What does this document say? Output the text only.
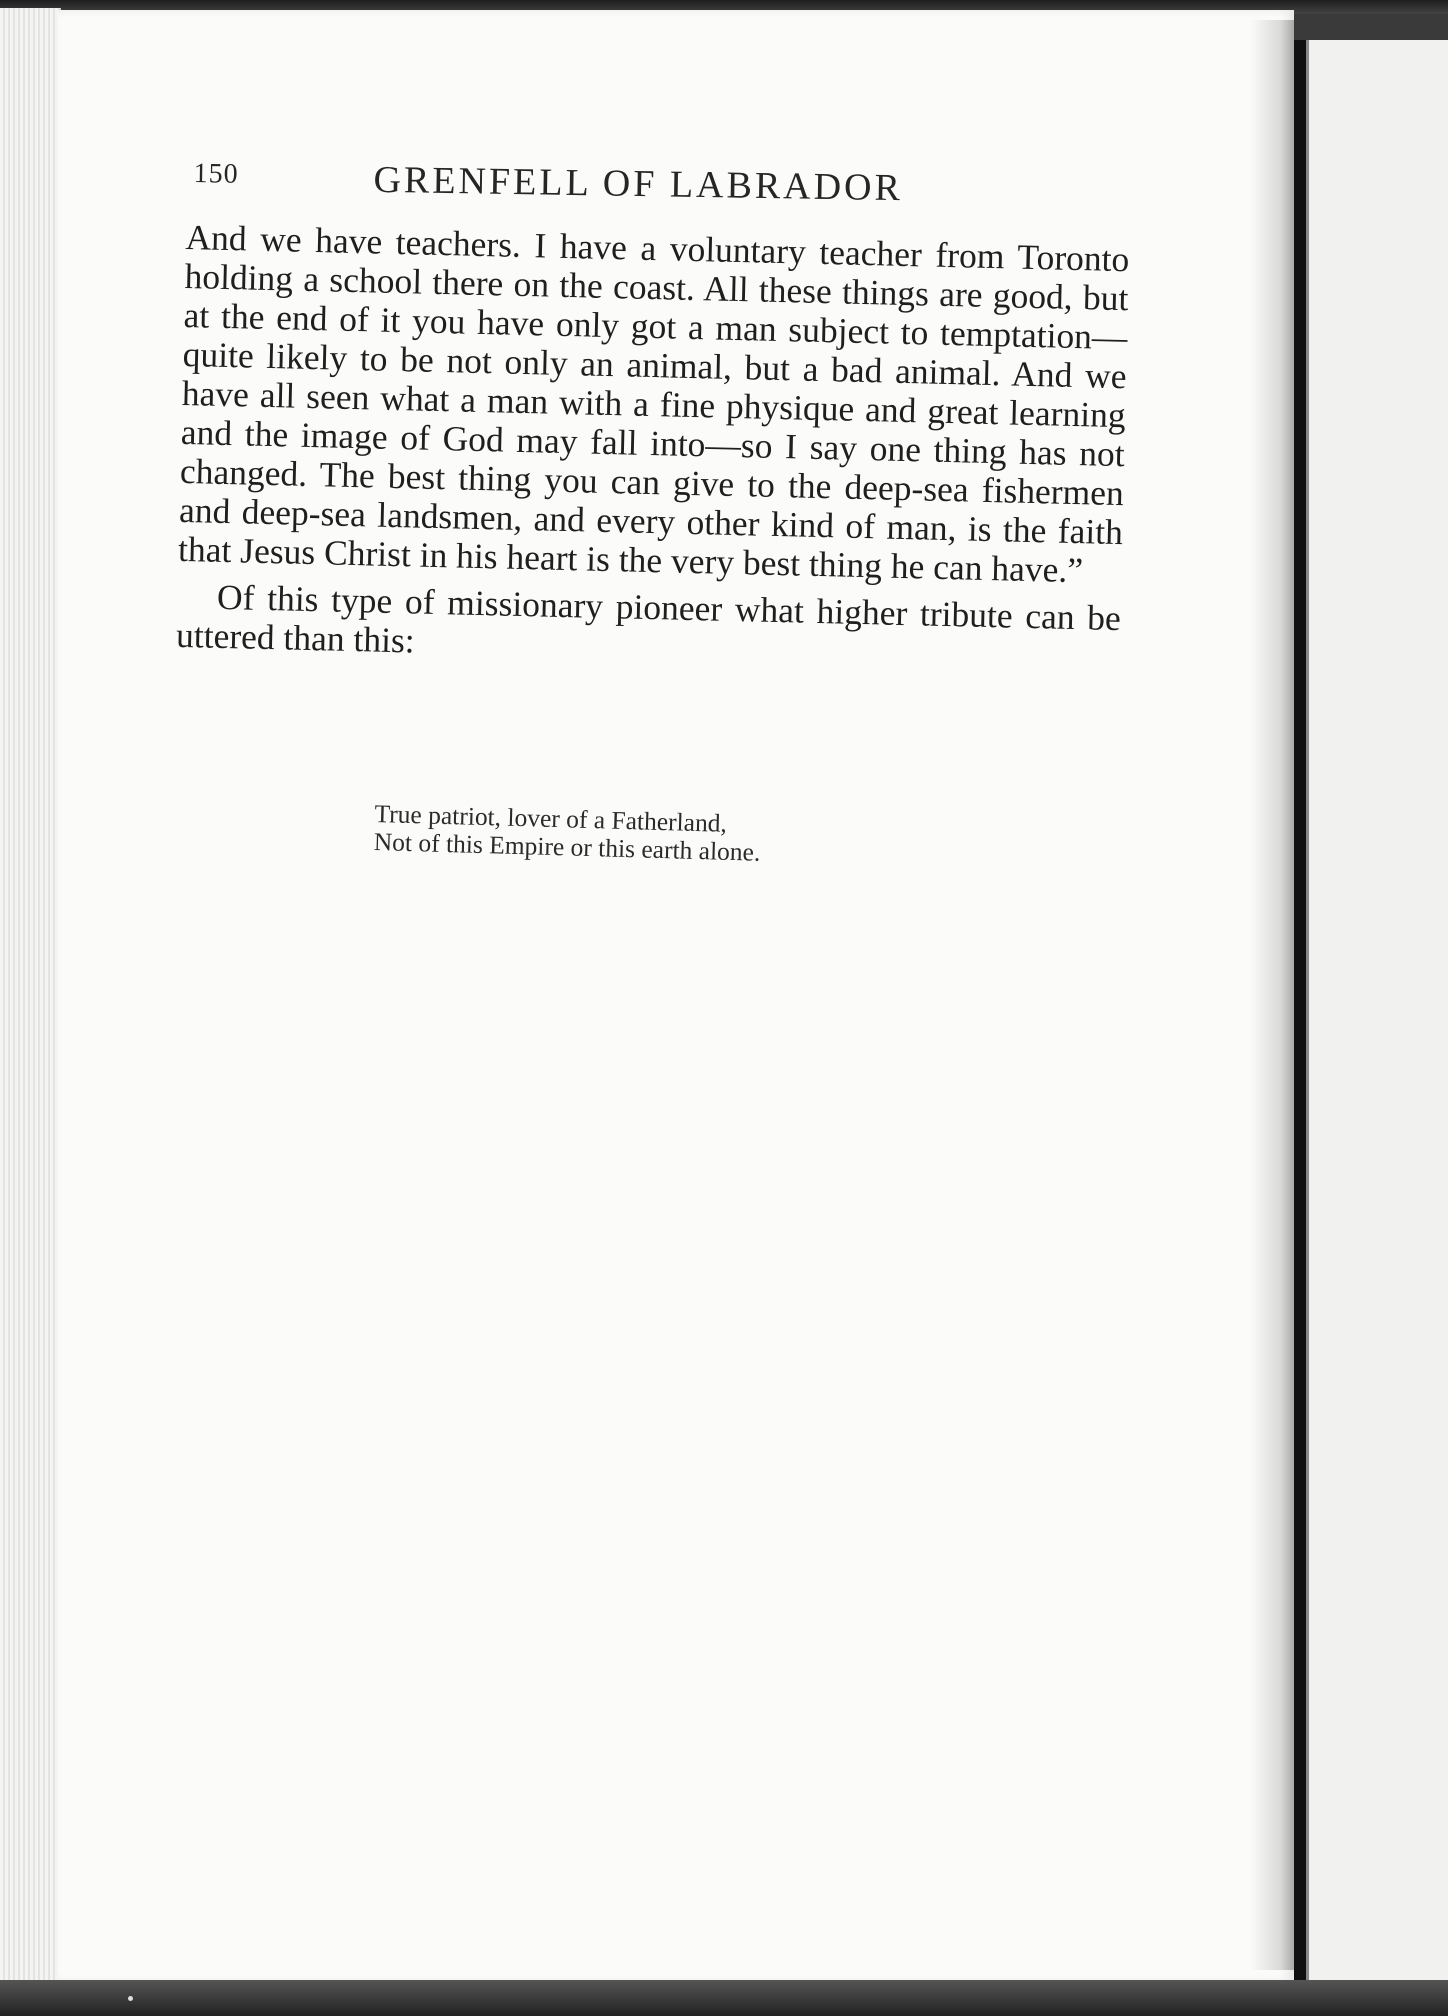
150	GRENFELL OF LABRADOR

And we have teachers. I have a voluntary teacher from Toronto holding a school there on the coast. All these things are good, but at the end of it you have only got a man subject to temptation—quite likely to be not only an animal, but a bad animal. And we have all seen what a man with a fine physique and great learning and the image of God may fall into—so I say one thing has not changed. The best thing you can give to the deep-sea fishermen and deep-sea landsmen, and every other kind of man, is the faith that Jesus Christ in his heart is the very best thing he can have.”

Of this type of missionary pioneer what higher tribute can be uttered than this:

True patriot, lover of a Fatherland,
Not of this Empire or this earth alone.
